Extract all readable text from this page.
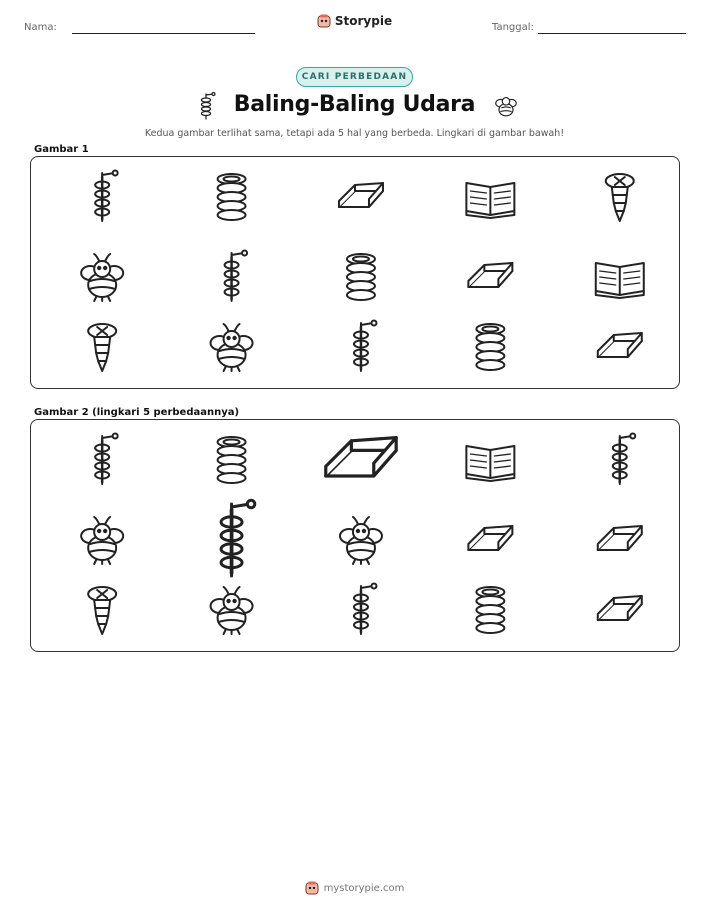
Nama:	Storypie	Tanggal:
CARI PERBEDAAN
Baling-Baling Udara
Kedua gambar terlihat sama, tetapi ada 5 hal yang berbeda. Lingkari di gambar bawah!
Gambar 1
Gambar 2 (lingkari 5 perbedaannya)
mystorypie.com
